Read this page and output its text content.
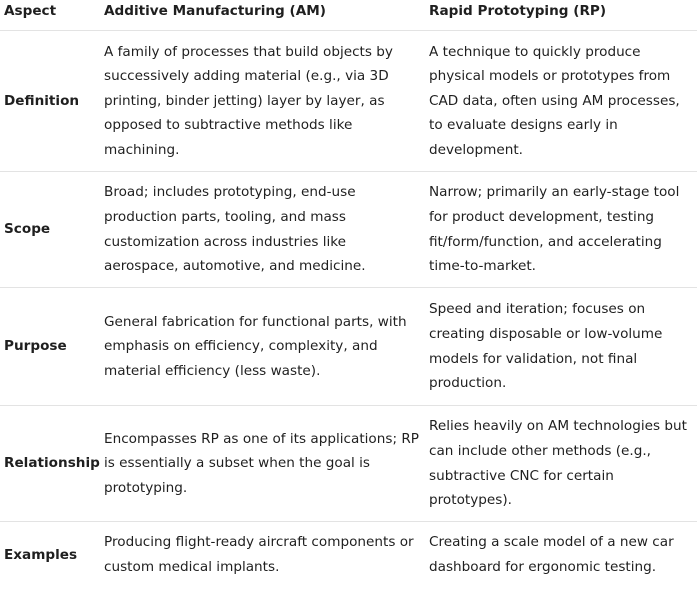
Aspect	Additive Manufacturing (AM)	Rapid Prototyping (RP)
Definition	A family of processes that build objects by successively adding material (e.g., via 3D printing, binder jetting) layer by layer, as opposed to subtractive methods like machining.	A technique to quickly produce physical models or prototypes from CAD data, often using AM processes, to evaluate designs early in development.
Scope	Broad; includes prototyping, end-use production parts, tooling, and mass customization across industries like aerospace, automotive, and medicine.	Narrow; primarily an early-stage tool for product development, testing fit/form/function, and accelerating time-to-market.
Purpose	General fabrication for functional parts, with emphasis on efficiency, complexity, and material efficiency (less waste).	Speed and iteration; focuses on creating disposable or low-volume models for validation, not final production.
Relationship	Encompasses RP as one of its applications; RP is essentially a subset when the goal is prototyping.	Relies heavily on AM technologies but can include other methods (e.g., subtractive CNC for certain prototypes).
Examples	Producing flight-ready aircraft components or custom medical implants.	Creating a scale model of a new car dashboard for ergonomic testing.
